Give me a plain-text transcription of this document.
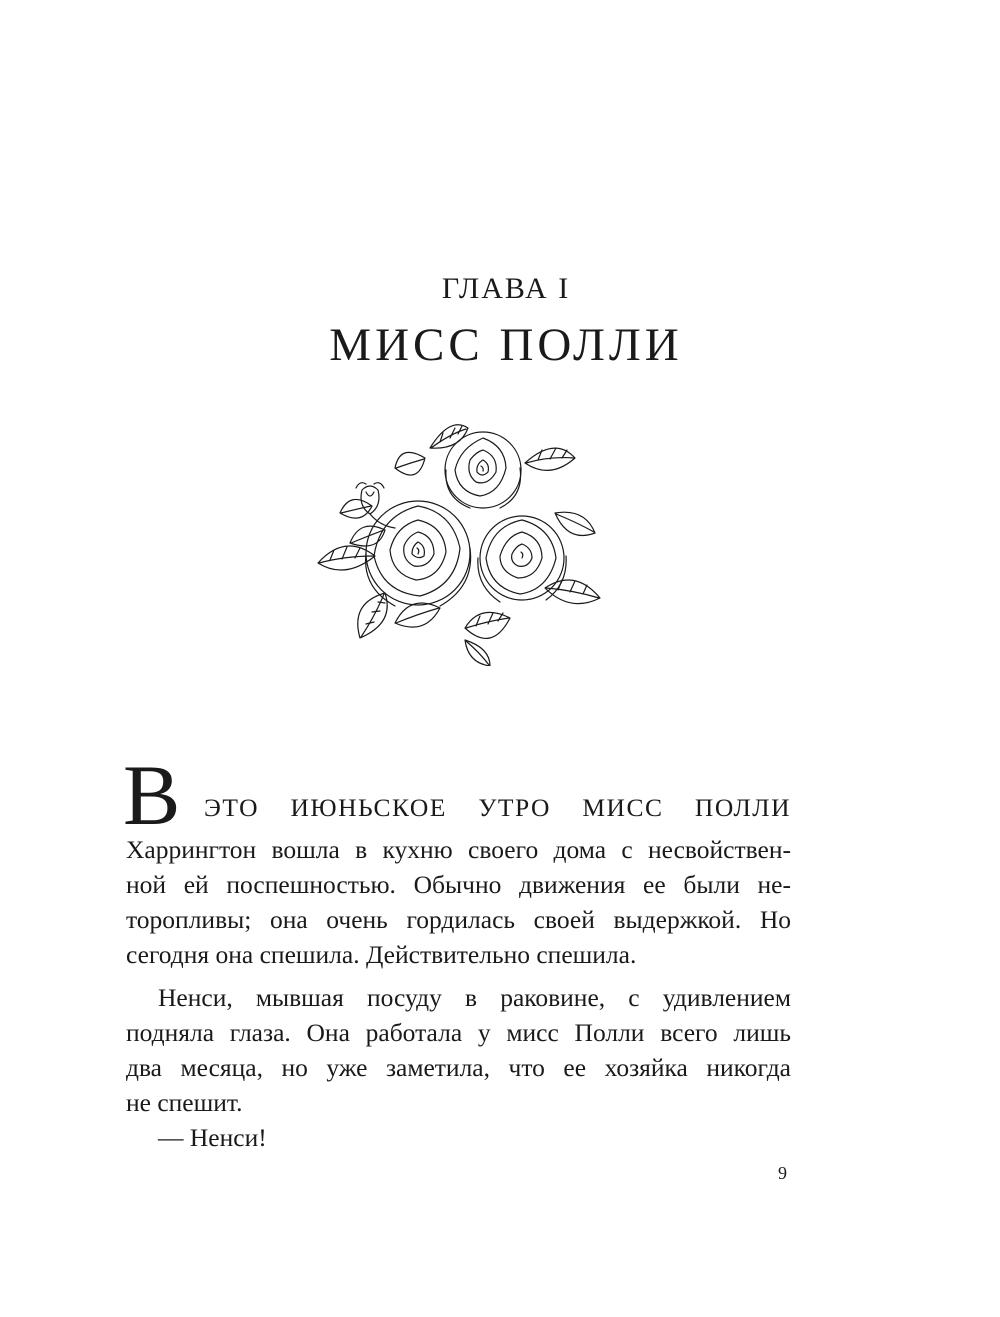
ГЛАВА I
МИСС ПОЛЛИ
В ЭТО ИЮНЬСКОЕ УТРО МИСС ПОЛЛИ
Харрингтон вошла в кухню своего дома с несвойствен-
ной ей поспешностью. Обычно движения ее были не-
торопливы; она очень гордилась своей выдержкой. Но
сегодня она спешила. Действительно спешила.
Ненси, мывшая посуду в раковине, с удивлением
подняла глаза. Она работала у мисс Полли всего лишь
два месяца, но уже заметила, что ее хозяйка никогда
не спешит.
— Ненси!
9
